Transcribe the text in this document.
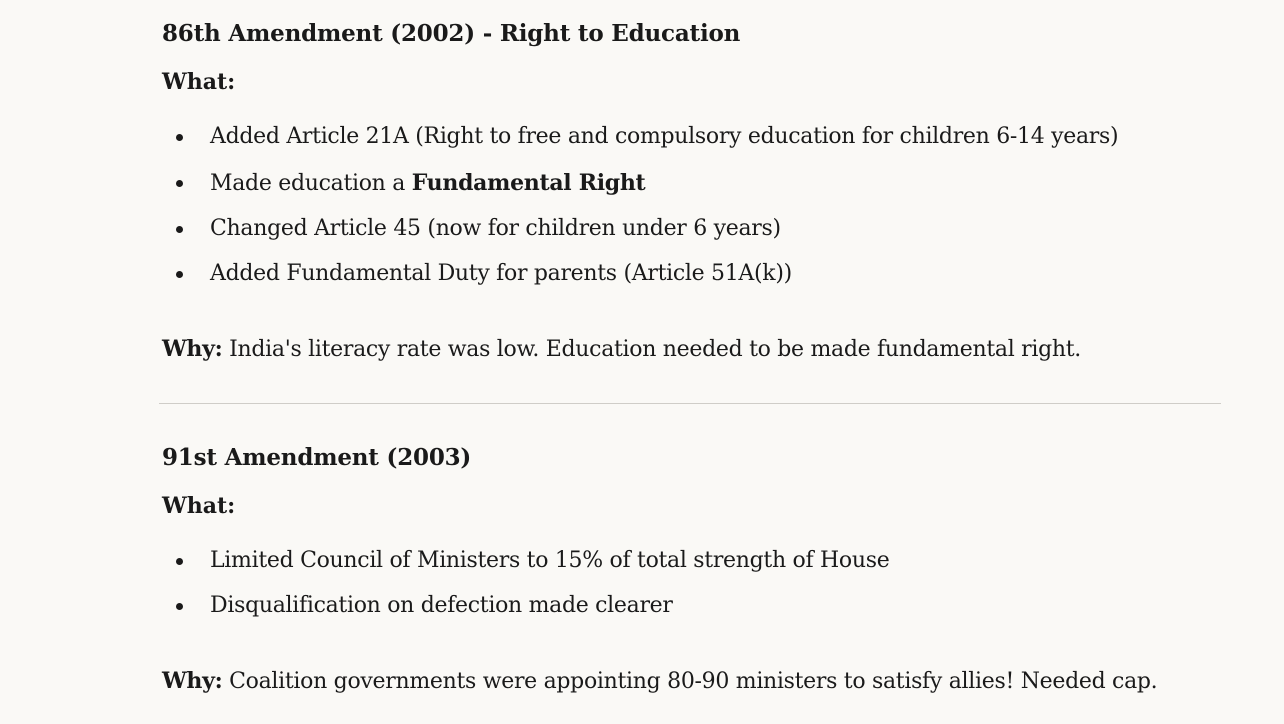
86th Amendment (2002) - Right to Education

What:

Added Article 21A (Right to free and compulsory education for children 6-14 years)
Made education a Fundamental Right
Changed Article 45 (now for children under 6 years)
Added Fundamental Duty for parents (Article 51A(k))

Why: India's literacy rate was low. Education needed to be made fundamental right.

91st Amendment (2003)

What:

Limited Council of Ministers to 15% of total strength of House
Disqualification on defection made clearer

Why: Coalition governments were appointing 80-90 ministers to satisfy allies! Needed cap.
